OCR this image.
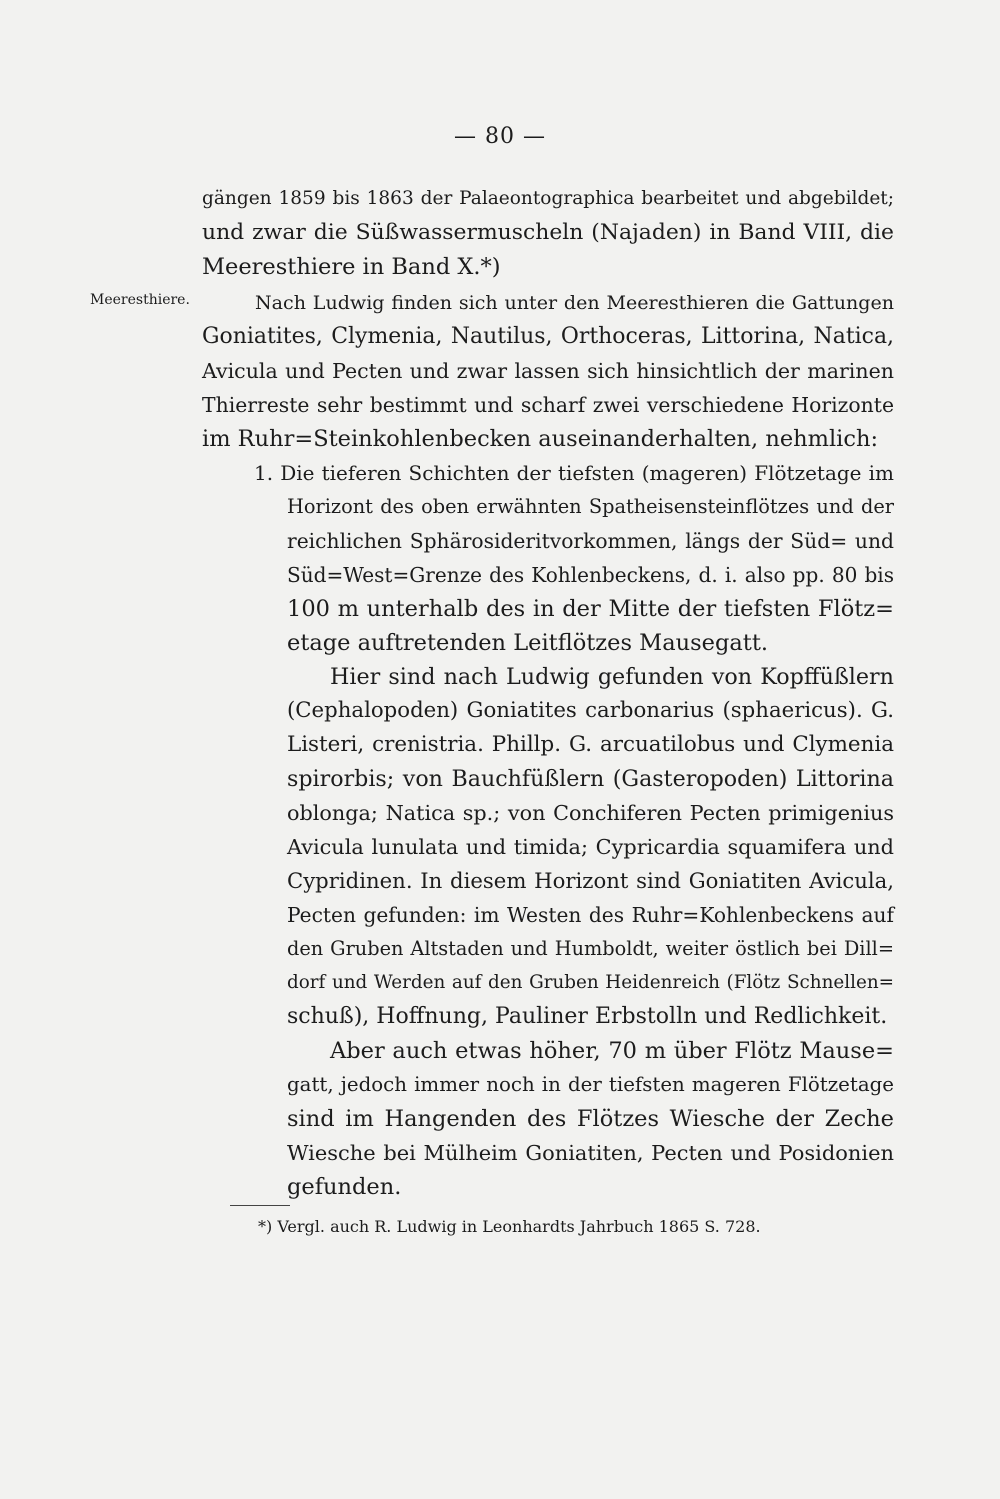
— 80 —
Meeresthiere.
gängen 1859 bis 1863 der Palaeontographica bearbeitet und abgebildet;
und zwar die Süßwassermuscheln (Najaden) in Band VIII, die
Meeresthiere in Band X.*)
Nach Ludwig finden sich unter den Meeresthieren die Gattungen
Goniatites, Clymenia, Nautilus, Orthoceras, Littorina, Natica,
Avicula und Pecten und zwar lassen sich hinsichtlich der marinen
Thierreste sehr bestimmt und scharf zwei verschiedene Horizonte
im Ruhr=Steinkohlenbecken auseinanderhalten, nehmlich:
1. Die tieferen Schichten der tiefsten (mageren) Flötzetage im
Horizont des oben erwähnten Spatheisensteinflötzes und der
reichlichen Sphärosideritvorkommen, längs der Süd= und
Süd=West=Grenze des Kohlenbeckens, d. i. also pp. 80 bis
100 m unterhalb des in der Mitte der tiefsten Flötz=
etage auftretenden Leitflötzes Mausegatt.
Hier sind nach Ludwig gefunden von Kopffüßlern
(Cephalopoden) Goniatites carbonarius (sphaericus). G.
Listeri, crenistria. Phillp. G. arcuatilobus und Clymenia
spirorbis; von Bauchfüßlern (Gasteropoden) Littorina
oblonga; Natica sp.; von Conchiferen Pecten primigenius
Avicula lunulata und timida; Cypricardia squamifera und
Cypridinen. In diesem Horizont sind Goniatiten Avicula,
Pecten gefunden: im Westen des Ruhr=Kohlenbeckens auf
den Gruben Altstaden und Humboldt, weiter östlich bei Dill=
dorf und Werden auf den Gruben Heidenreich (Flötz Schnellen=
schuß), Hoffnung, Pauliner Erbstolln und Redlichkeit.
Aber auch etwas höher, 70 m über Flötz Mause=
gatt, jedoch immer noch in der tiefsten mageren Flötzetage
sind im Hangenden des Flötzes Wiesche der Zeche
Wiesche bei Mülheim Goniatiten, Pecten und Posidonien
gefunden.
*) Vergl. auch R. Ludwig in Leonhardts Jahrbuch 1865 S. 728.
